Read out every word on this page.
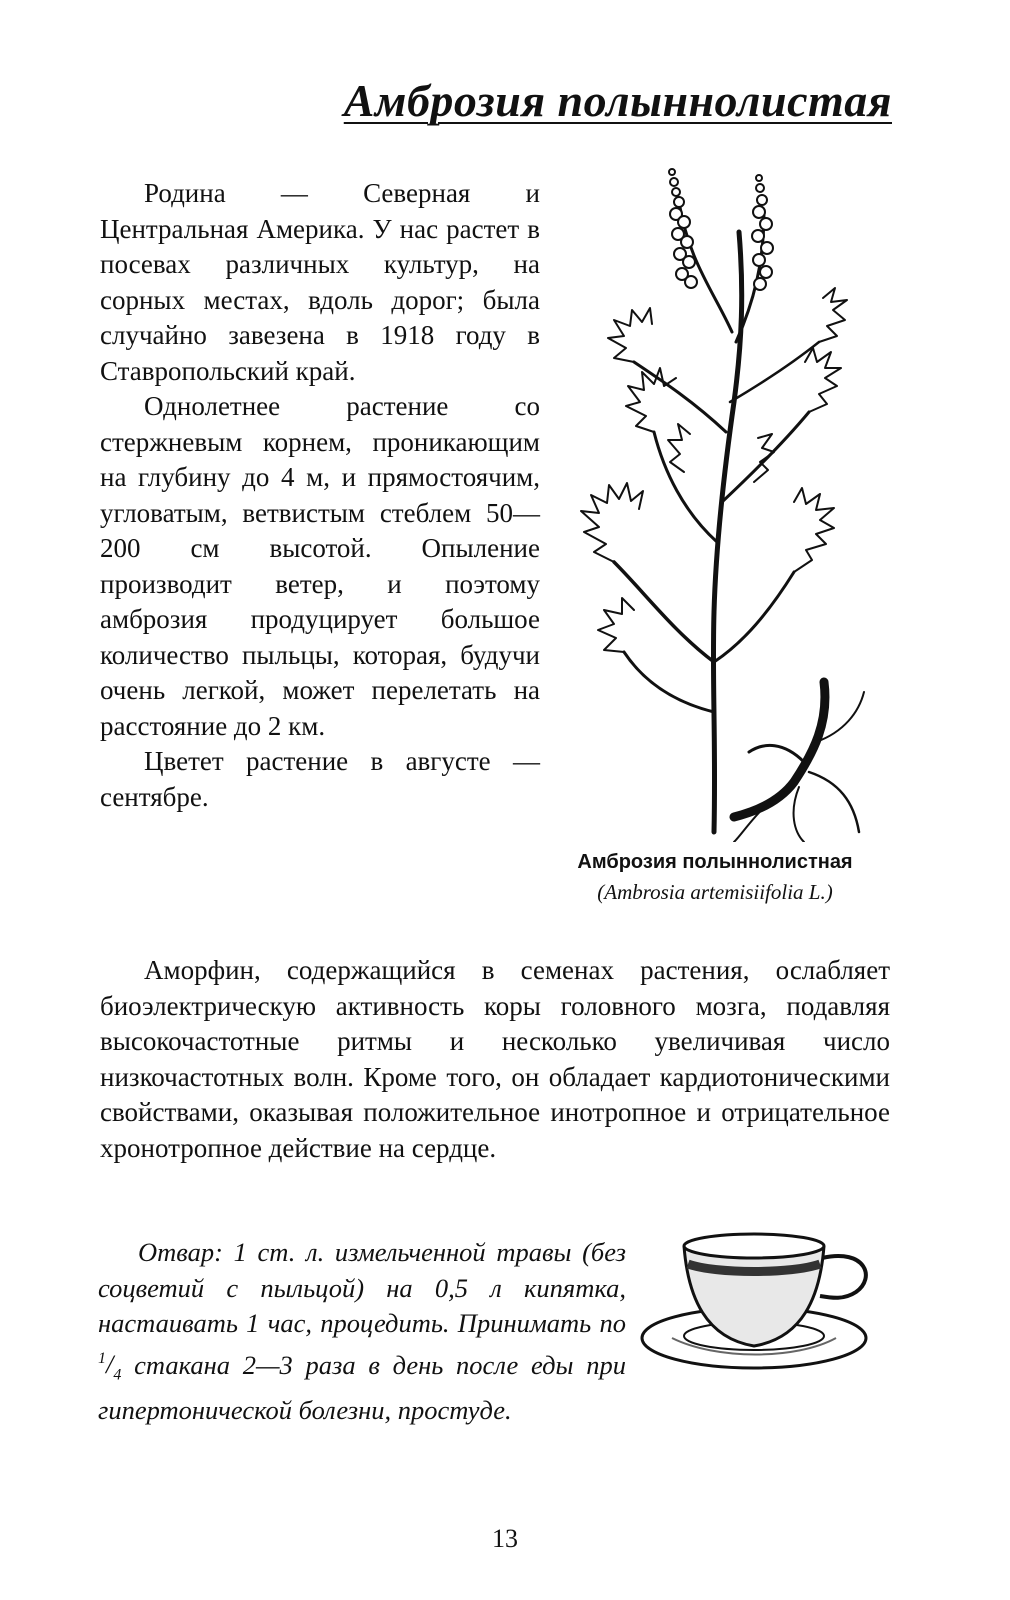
Амброзия полыннолистая

Родина — Северная и Центральная Америка. У нас растет в посевах различных культур, на сорных местах, вдоль дорог; была случайно завезена в 1918 году в Ставропольский край.

Однолетнее растение со стержневым корнем, проникающим на глубину до 4 м, и прямостоячим, угловатым, ветвистым стеблем 50—200 см высотой. Опыление производит ветер, и поэтому амброзия продуцирует большое количество пыльцы, которая, будучи очень легкой, может перелетать на расстояние до 2 км.

Цветет растение в августе — сентябре.

Амброзия полыннолистная
(Ambrosia artemisiifolia L.)

Аморфин, содержащийся в семенах растения, ослабляет биоэлектрическую активность коры головного мозга, подавляя высокочастотные ритмы и несколько увеличивая число низкочастотных волн. Кроме того, он обладает кардиотоническими свойствами, оказывая положительное инотропное и отрицательное хронотропное действие на сердце.

Отвар: 1 ст. л. измельченной травы (без соцветий с пыльцой) на 0,5 л кипятка, настаивать 1 час, процедить. Принимать по $^1/_4$ стакана 2—3 раза в день после еды при гипертонической болезни, простуде.

13
